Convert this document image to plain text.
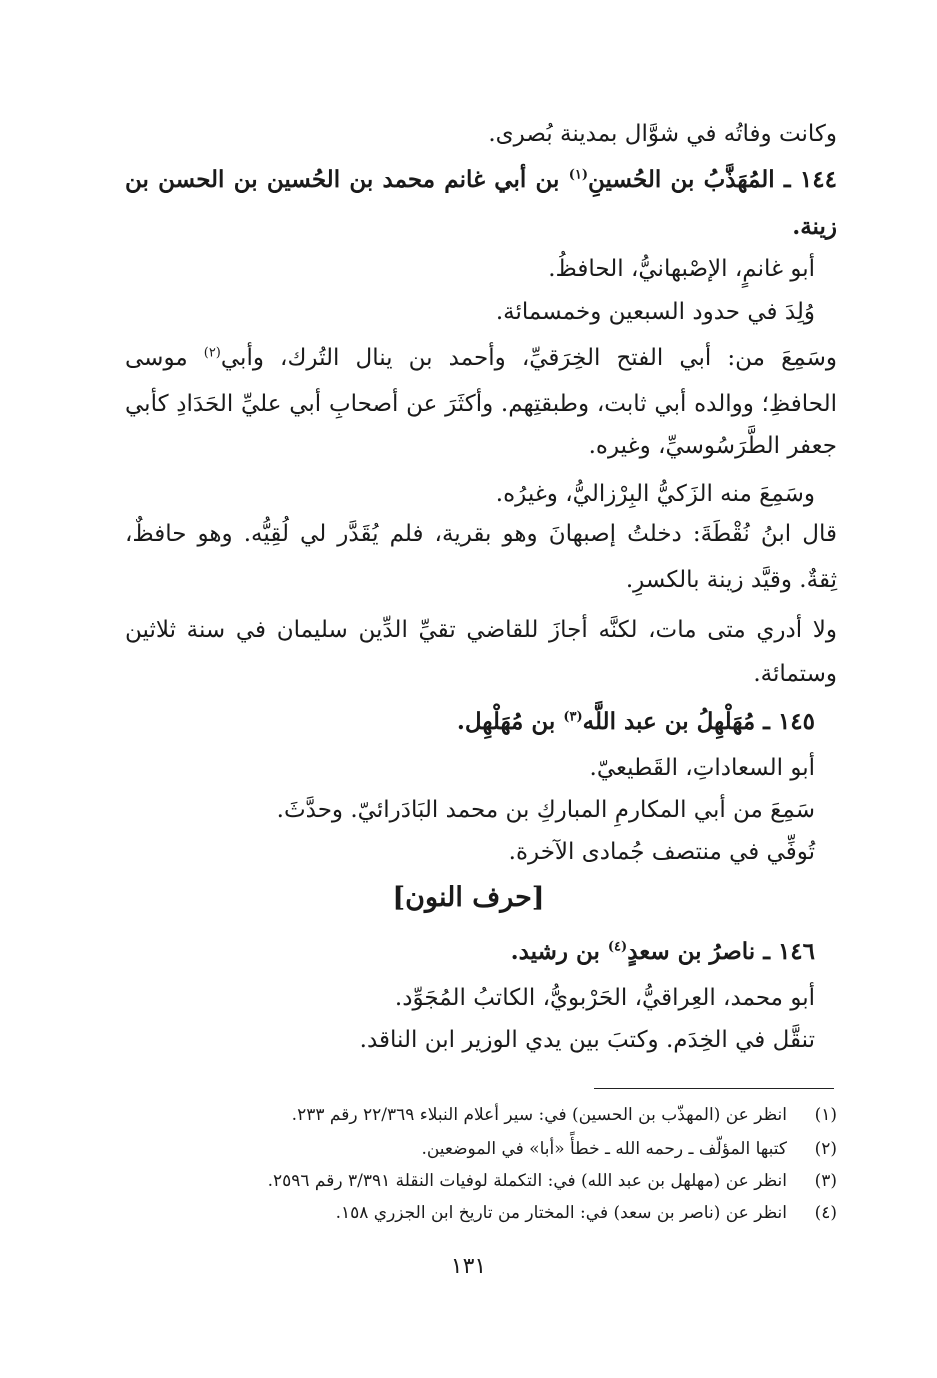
وكانت وفاتُه في شوَّال بمدينة بُصرى.
١٤٤ ـ المُهَذَّبُ بن الحُسينِ$^{(١)}$ بن أبي غانم محمد بن الحُسين بن الحسن بن
زينة.
أبو غانمٍ، الإصْبهانيُّ، الحافظُ.
وُلِدَ في حدود السبعين وخمسمائة.
وسَمِعَ من: أبي الفتح الخِرَقيِّ، وأحمد بن ينال التُرك، وأبي$^{(٢)}$ موسى
الحافظِ؛ ووالده أبي ثابت، وطبقتِهم. وأكثَرَ عن أصحابِ أبي عليِّ الحَدَادِ كأبي
جعفر الطَّرَسُوسيِّ، وغيره.
وسَمِعَ منه الزَكيُّ البِرْزاليُّ، وغيرُه.
قال ابنُ نُقْطَةَ: دخلتُ إصبهانَ وهو بقرية، فلم يُقَدَّر لي لُقِيُّه. وهو حافظٌ،
ثِقةٌ. وقيَّد زينة بالكسرِ.
ولا أدري متى مات، لكنَّه أجازَ للقاضي تقيِّ الدِّين سليمان في سنة ثلاثين
وستمائة.
١٤٥ ـ مُهَلْهِلُ بن عبد اللَّه$^{(٣)}$ بن مُهَلْهِل.
أبو السعاداتِ، القَطيعيّ.
سَمِعَ من أبي المكارمِ المباركِ بن محمد البَادَرائيّ. وحدَّثَ.
تُوفِّي في منتصف جُمادى الآخرة.
[حرف النون]
١٤٦ ـ ناصرُ بن سعدٍ$^{(٤)}$ بن رشيد.
أبو محمد، العِراقيُّ، الحَرْبويُّ، الكاتبُ المُجَوِّد.
تنقَّل في الخِدَم. وكتبَ بين يدي الوزير ابن الناقد.
(١)انظر عن (المهذّب بن الحسين) في: سير أعلام النبلاء ٢٢/٣٦٩ رقم ٢٣٣.
(٢)كتبها المؤلّف ـ رحمه الله ـ خطأً «أبا» في الموضعين.
(٣)انظر عن (مهلهل بن عبد الله) في: التكملة لوفيات النقلة ٣/٣٩١ رقم ٢٥٩٦.
(٤)انظر عن (ناصر بن سعد) في: المختار من تاريخ ابن الجزري ١٥٨.
١٣١
